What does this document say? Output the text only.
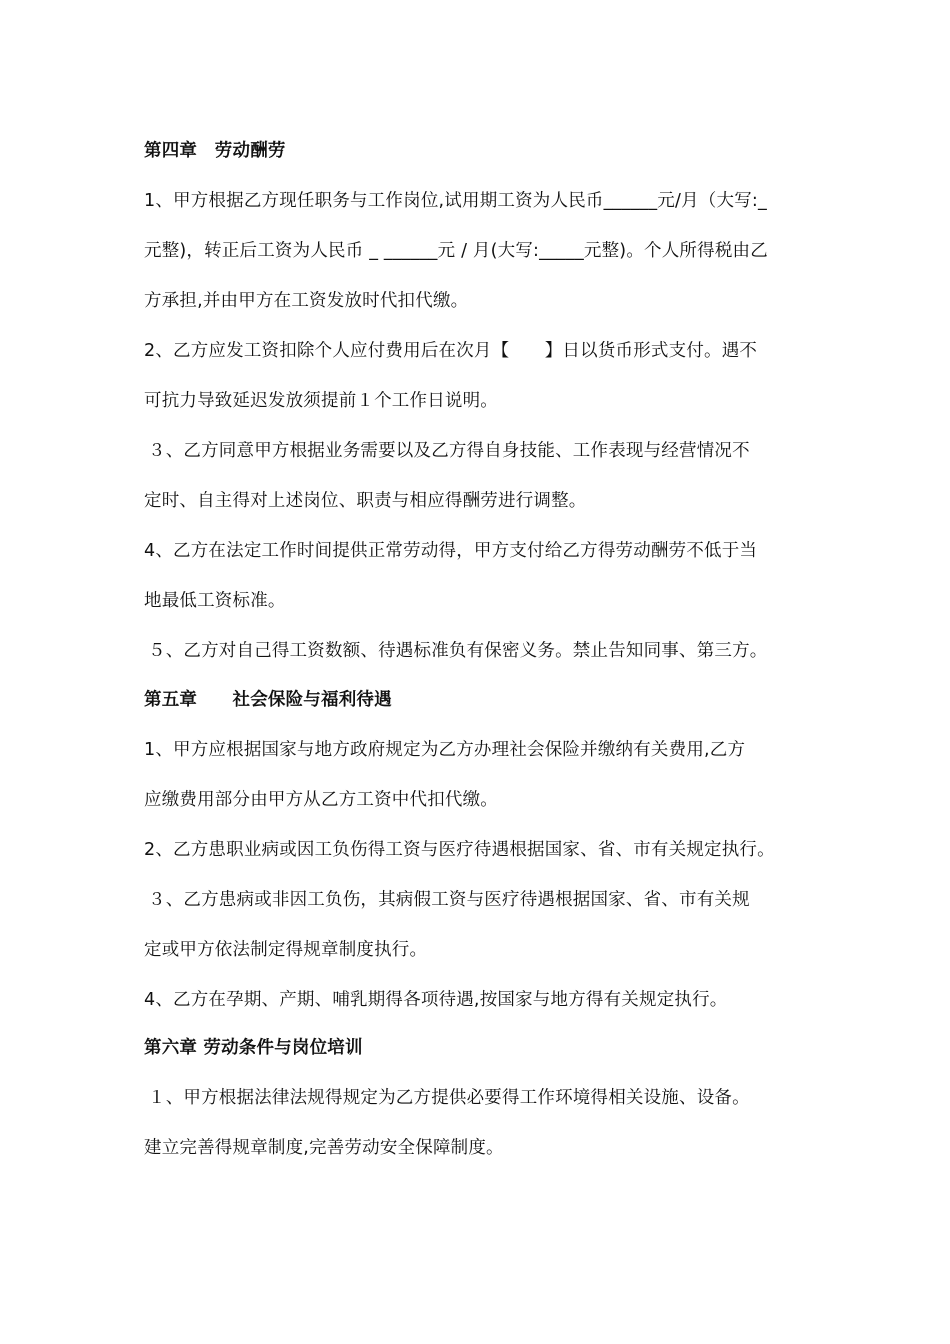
第四章　劳动酬劳
1、甲方根据乙方现任职务与工作岗位,试用期工资为人民币______元/月（大写:_
元整)，转正后工资为人民币 _ ______元 / 月(大写:_____元整)。个人所得税由乙
方承担,并由甲方在工资发放时代扣代缴。
2、乙方应发工资扣除个人应付费用后在次月【　　】日以货币形式支付。遇不
可抗力导致延迟发放须提前１个工作日说明。
３、乙方同意甲方根据业务需要以及乙方得自身技能、工作表现与经营情况不
定时、自主得对上述岗位、职责与相应得酬劳进行调整。
4、乙方在法定工作时间提供正常劳动得，甲方支付给乙方得劳动酬劳不低于当
地最低工资标准。
５、乙方对自己得工资数额、待遇标准负有保密义务。禁止告知同事、第三方。
第五章　　社会保险与福利待遇
1、甲方应根据国家与地方政府规定为乙方办理社会保险并缴纳有关费用,乙方
应缴费用部分由甲方从乙方工资中代扣代缴。
2、乙方患职业病或因工负伤得工资与医疗待遇根据国家、省、市有关规定执行。
３、乙方患病或非因工负伤，其病假工资与医疗待遇根据国家、省、市有关规
定或甲方依法制定得规章制度执行。
4、乙方在孕期、产期、哺乳期得各项待遇,按国家与地方得有关规定执行。
第六章 劳动条件与岗位培训
１、甲方根据法律法规得规定为乙方提供必要得工作环境得相关设施、设备。
建立完善得规章制度,完善劳动安全保障制度。
